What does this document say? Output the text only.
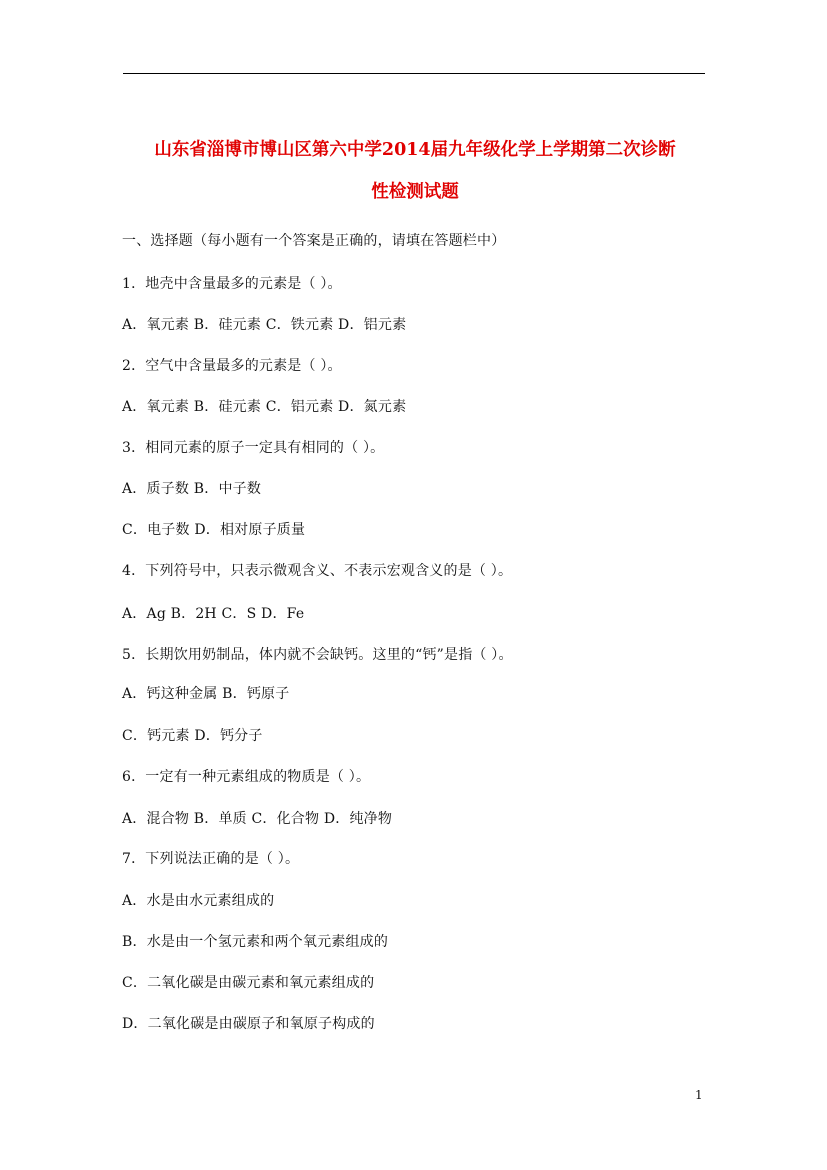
山东省淄博市博山区第六中学2014届九年级化学上学期第二次诊断
性检测试题
一、选择题（每小题有一个答案是正确的，请填在答题栏中）
1．地壳中含量最多的元素是（ ）。
A．氧元素 B．硅元素 C．铁元素 D．铝元素
2．空气中含量最多的元素是（ ）。
A．氧元素 B．硅元素 C．铝元素 D．氮元素
3．相同元素的原子一定具有相同的（ ）。
A．质子数 B．中子数
C．电子数 D．相对原子质量
4．下列符号中，只表示微观含义、不表示宏观含义的是（ ）。
A．Ag B．2H C．S D．Fe
5．长期饮用奶制品，体内就不会缺钙。这里的“钙”是指（ ）。
A．钙这种金属 B．钙原子
C．钙元素 D．钙分子
6．一定有一种元素组成的物质是（ ）。
A．混合物 B．单质 C．化合物 D．纯净物
7．下列说法正确的是（ ）。
A．水是由水元素组成的
B．水是由一个氢元素和两个氧元素组成的
C．二氧化碳是由碳元素和氧元素组成的
D．二氧化碳是由碳原子和氧原子构成的
1
